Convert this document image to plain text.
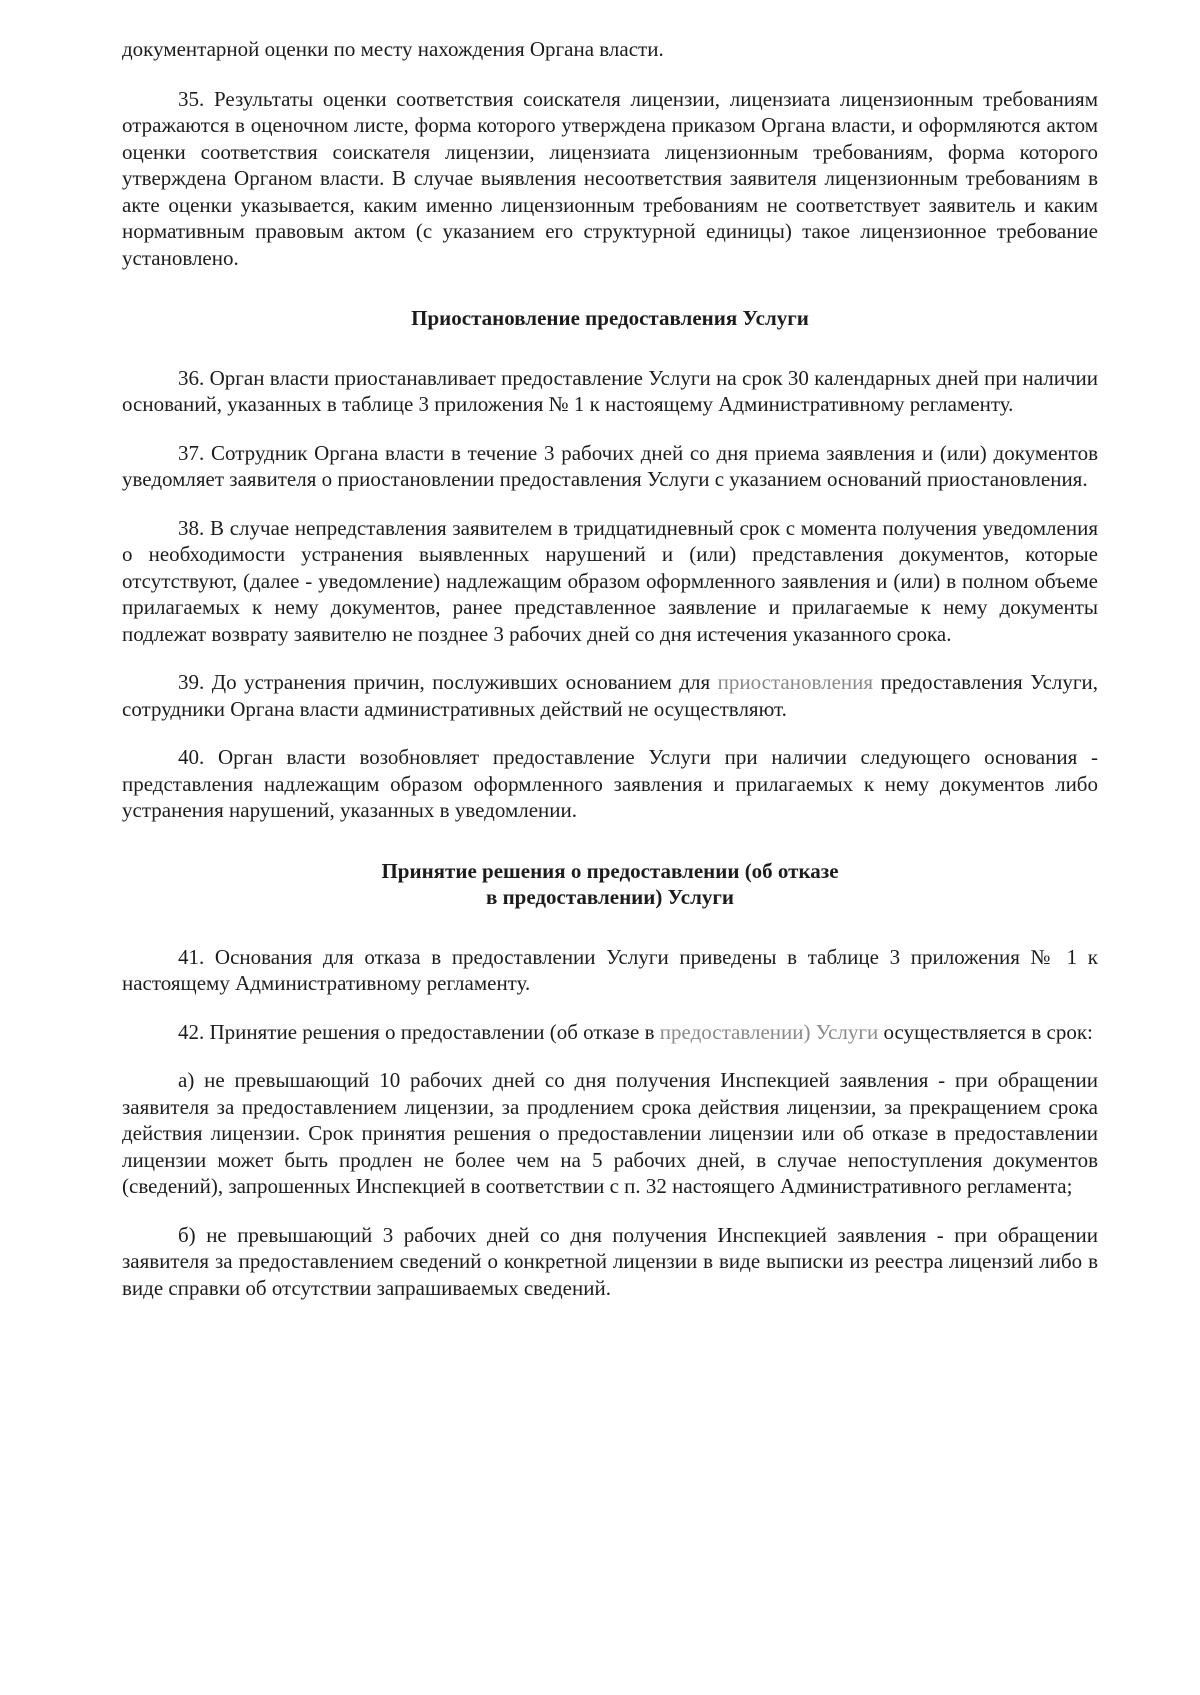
документарной оценки по месту нахождения Органа власти.

35. Результаты оценки соответствия соискателя лицензии, лицензиата лицензионным требованиям отражаются в оценочном листе, форма которого утверждена приказом Органа власти, и оформляются актом оценки соответствия соискателя лицензии, лицензиата лицензионным требованиям, форма которого утверждена Органом власти. В случае выявления несоответствия заявителя лицензионным требованиям в акте оценки указывается, каким именно лицензионным требованиям не соответствует заявитель и каким нормативным правовым актом (с указанием его структурной единицы) такое лицензионное требование установлено.

Приостановление предоставления Услуги

36. Орган власти приостанавливает предоставление Услуги на срок 30 календарных дней при наличии оснований, указанных в таблице 3 приложения № 1 к настоящему Административному регламенту.

37. Сотрудник Органа власти в течение 3 рабочих дней со дня приема заявления и (или) документов уведомляет заявителя о приостановлении предоставления Услуги с указанием оснований приостановления.

38. В случае непредставления заявителем в тридцатидневный срок с момента получения уведомления о необходимости устранения выявленных нарушений и (или) представления документов, которые отсутствуют, (далее - уведомление) надлежащим образом оформленного заявления и (или) в полном объеме прилагаемых к нему документов, ранее представленное заявление и прилагаемые к нему документы подлежат возврату заявителю не позднее 3 рабочих дней со дня истечения указанного срока.

39. До устранения причин, послуживших основанием для приостановления предоставления Услуги, сотрудники Органа власти административных действий не осуществляют.

40. Орган власти возобновляет предоставление Услуги при наличии следующего основания - представления надлежащим образом оформленного заявления и прилагаемых к нему документов либо устранения нарушений, указанных в уведомлении.

Принятие решения о предоставлении (об отказе
в предоставлении) Услуги

41. Основания для отказа в предоставлении Услуги приведены в таблице 3 приложения № 1 к настоящему Административному регламенту.

42. Принятие решения о предоставлении (об отказе в предоставлении) Услуги осуществляется в срок:

а) не превышающий 10 рабочих дней со дня получения Инспекцией заявления - при обращении заявителя за предоставлением лицензии, за продлением срока действия лицензии, за прекращением срока действия лицензии. Срок принятия решения о предоставлении лицензии или об отказе в предоставлении лицензии может быть продлен не более чем на 5 рабочих дней, в случае непоступления документов (сведений), запрошенных Инспекцией в соответствии с п. 32 настоящего Административного регламента;

б) не превышающий 3 рабочих дней со дня получения Инспекцией заявления - при обращении заявителя за предоставлением сведений о конкретной лицензии в виде выписки из реестра лицензий либо в виде справки об отсутствии запрашиваемых сведений.
